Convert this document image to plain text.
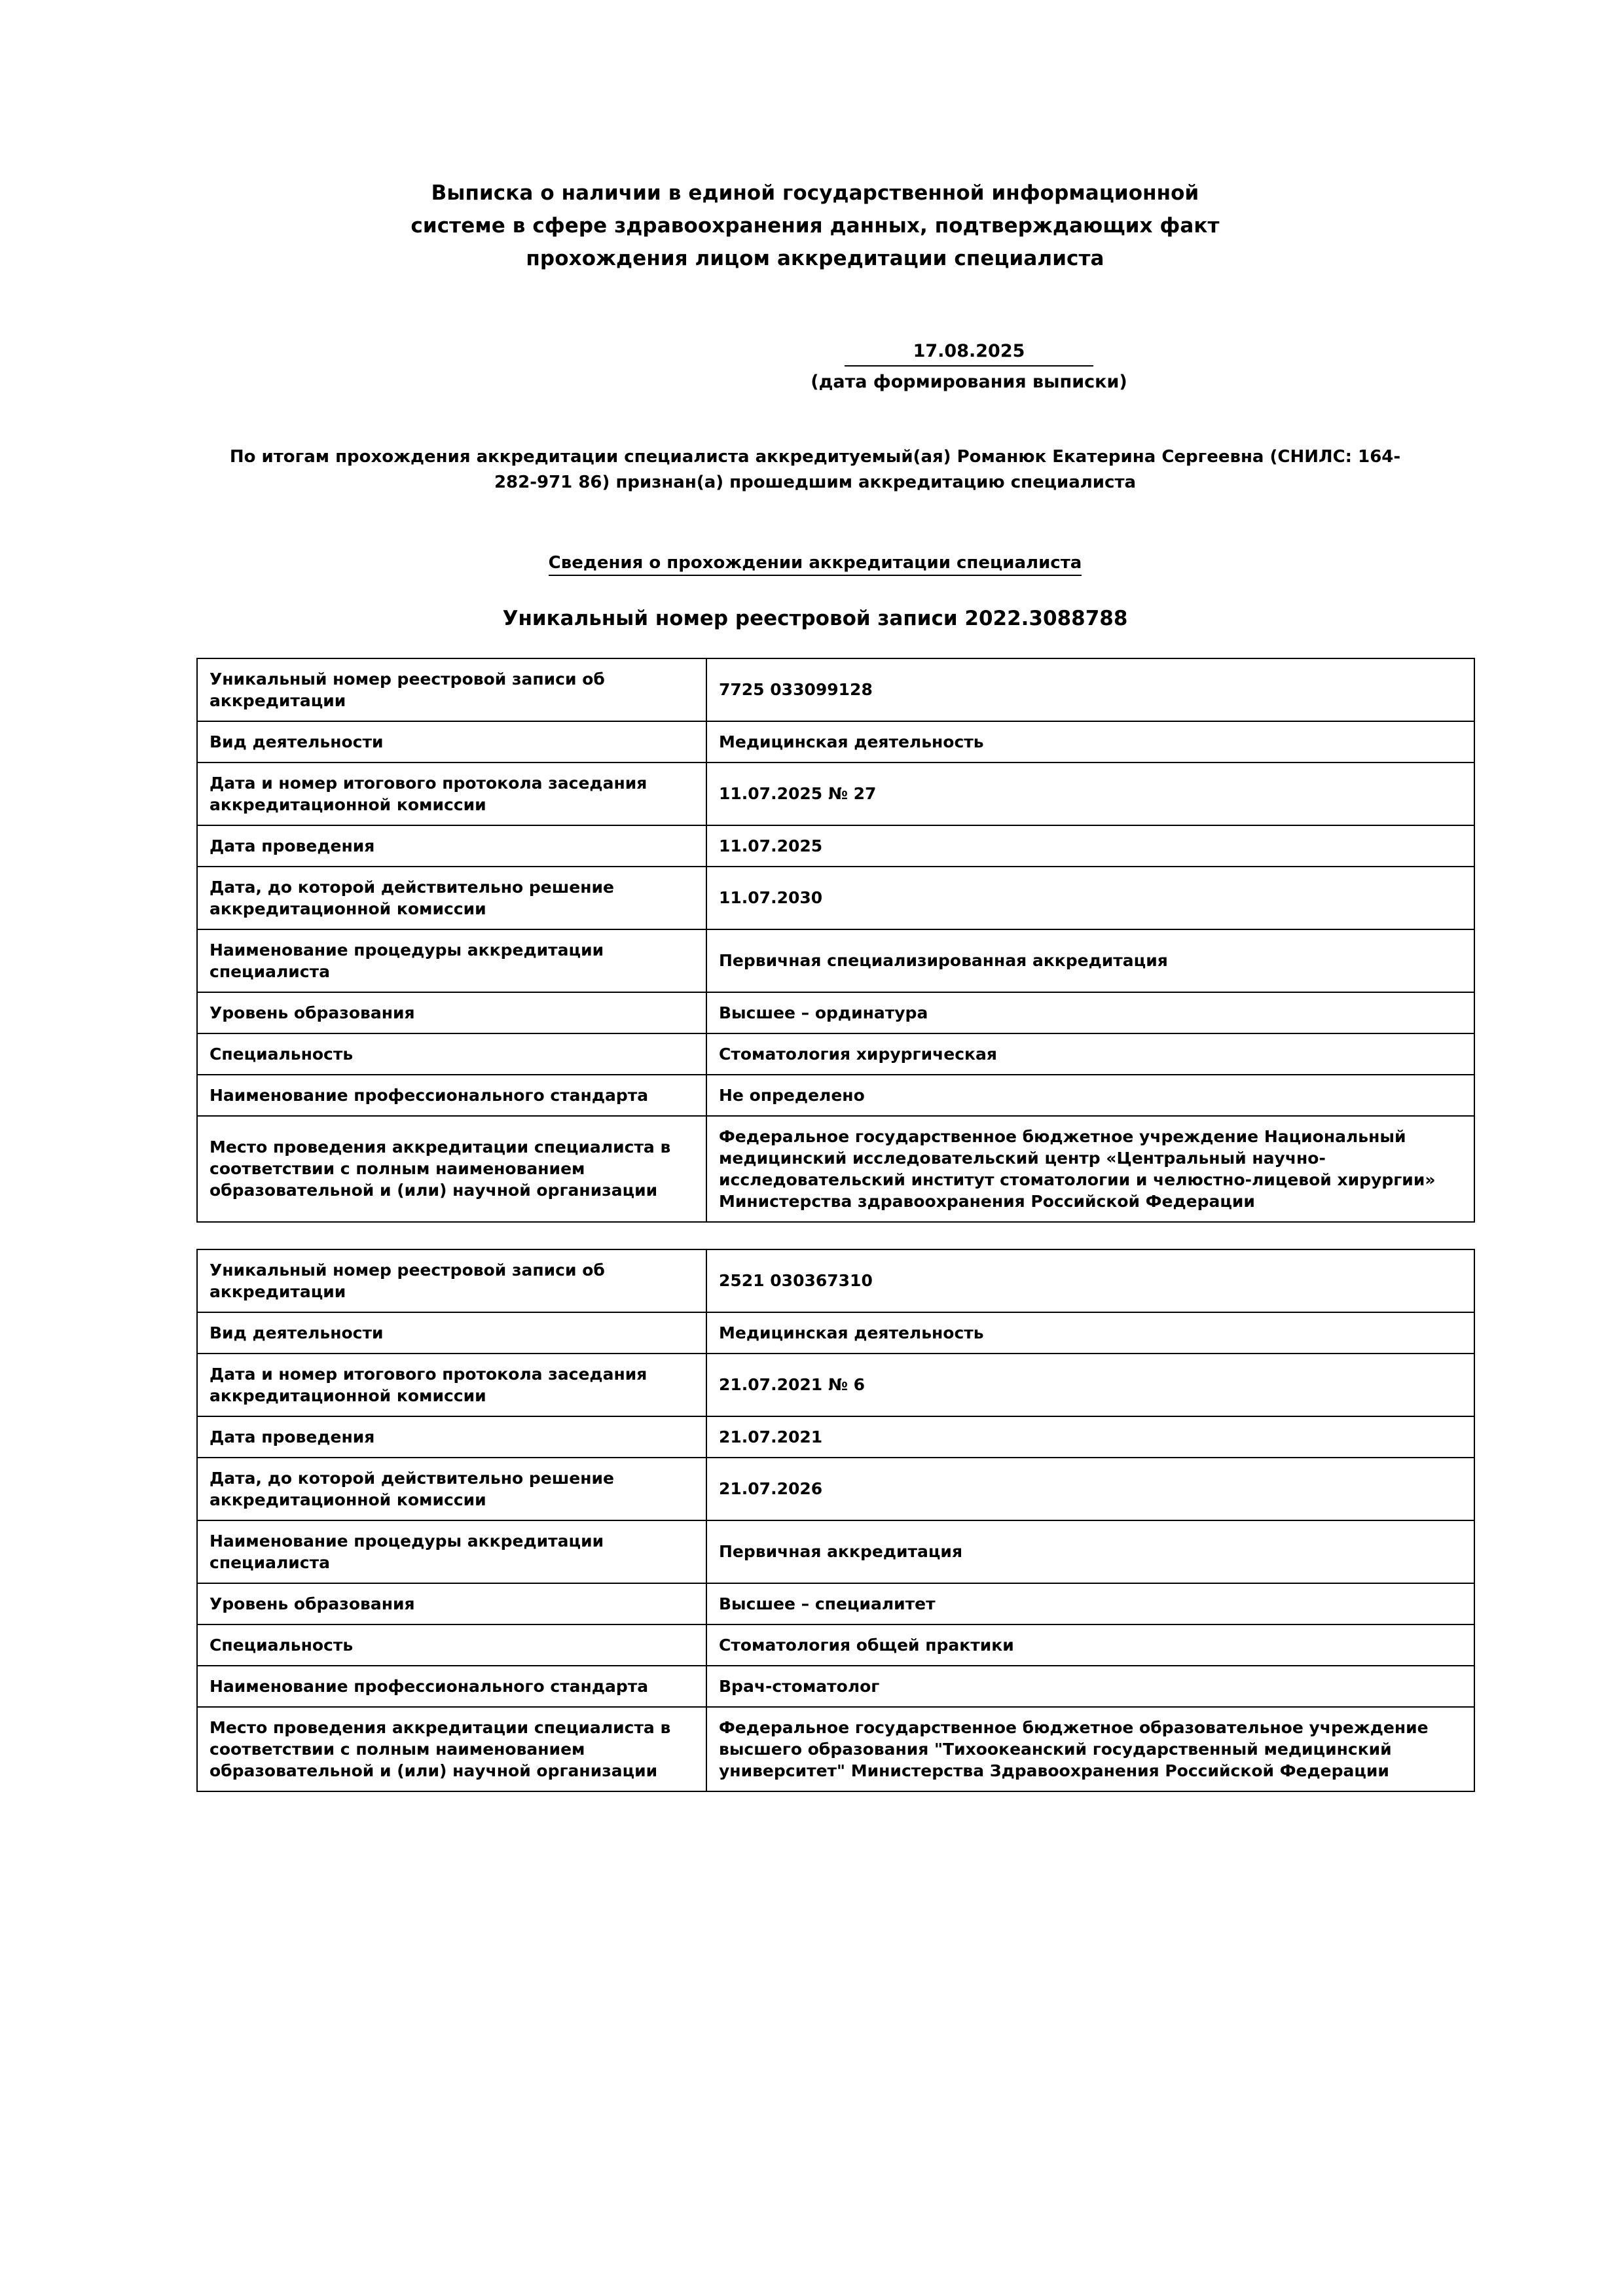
Выписка о наличии в единой государственной информационной системе в сфере здравоохранения данных, подтверждающих факт прохождения лицом аккредитации специалиста
17.08.2025
(дата формирования выписки)
По итогам прохождения аккредитации специалиста аккредитуемый(ая) Романюк Екатерина Сергеевна (СНИЛС: 164-282-971 86) признан(а) прошедшим аккредитацию специалиста
Сведения о прохождении аккредитации специалиста
Уникальный номер реестровой записи 2022.3088788
Уникальный номер реестровой записи об аккредитации	7725 033099128
Вид деятельности	Медицинская деятельность
Дата и номер итогового протокола заседания аккредитационной комиссии	11.07.2025 № 27
Дата проведения	11.07.2025
Дата, до которой действительно решение аккредитационной комиссии	11.07.2030
Наименование процедуры аккредитации специалиста	Первичная специализированная аккредитация
Уровень образования	Высшее – ординатура
Специальность	Стоматология хирургическая
Наименование профессионального стандарта	Не определено
Место проведения аккредитации специалиста в соответствии с полным наименованием образовательной и (или) научной организации	Федеральное государственное бюджетное учреждение Национальный медицинский исследовательский центр «Центральный научно-исследовательский институт стоматологии и челюстно-лицевой хирургии» Министерства здравоохранения Российской Федерации
Уникальный номер реестровой записи об аккредитации	2521 030367310
Вид деятельности	Медицинская деятельность
Дата и номер итогового протокола заседания аккредитационной комиссии	21.07.2021 № 6
Дата проведения	21.07.2021
Дата, до которой действительно решение аккредитационной комиссии	21.07.2026
Наименование процедуры аккредитации специалиста	Первичная аккредитация
Уровень образования	Высшее – специалитет
Специальность	Стоматология общей практики
Наименование профессионального стандарта	Врач-стоматолог
Место проведения аккредитации специалиста в соответствии с полным наименованием образовательной и (или) научной организации	Федеральное государственное бюджетное образовательное учреждение высшего образования "Тихоокеанский государственный медицинский университет" Министерства Здравоохранения Российской Федерации
